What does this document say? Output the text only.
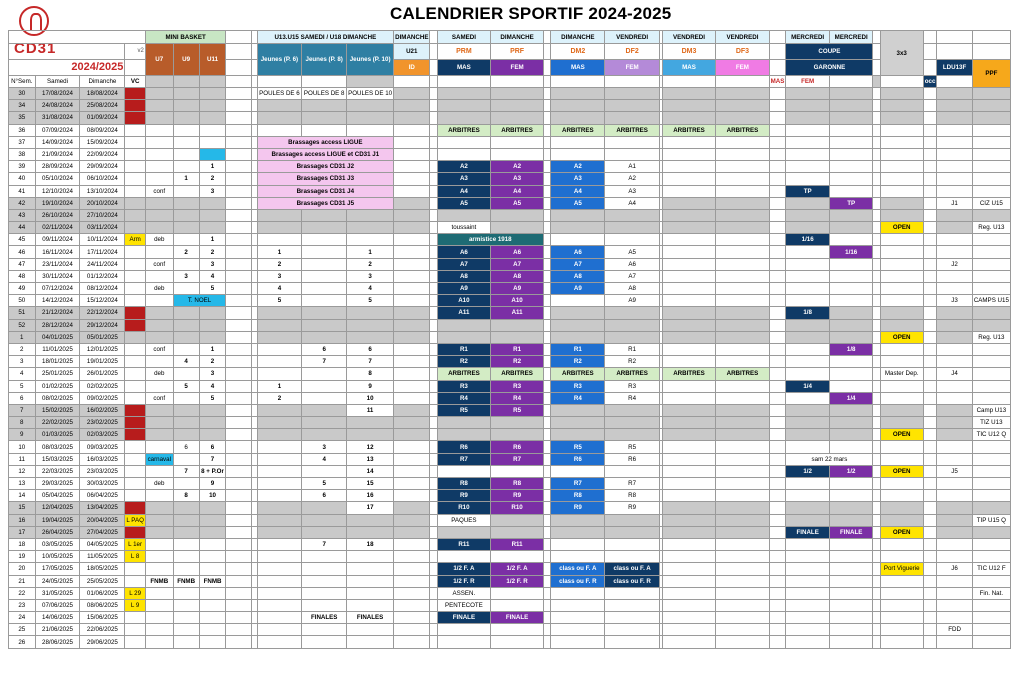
CD31
CALENDRIER SPORTIF 2024-2025
				MINI BASKET					U13.U15 SAMEDI / U18 DIMANCHE			DIMANCHE		SAMEDI	DIMANCHE		DIMANCHE	VENDREDI		VENDREDI	VENDREDI		MERCREDI	MERCREDI		3x3			
			v2	U7	U9	U11			Jeunes (P. 6)	Jeunes (P. 8)	Jeunes (P. 10)	U21		PRM	PRF		DM2	DF2		DM3	DF3		COUPE						
2024/2025												ID		MAS	FEM		MAS	FEM		MAS	FEM		GARONNE					LDU13F	PPF
N°Sem.	Samedi	Dimanche	VC																			MAS	FEM				occ		
30	17/08/2024	18/08/2024							POULES DE 6	POULES DE 8	POULES DE 10																		
34	24/08/2024	25/08/2024																											
35	31/08/2024	01/09/2024																											
36	07/09/2024	08/09/2024												ARBITRES	ARBITRES		ARBITRES	ARBITRES		ARBITRES	ARBITRES								
37	14/09/2024	15/09/2024							Brassages access LIGUE																				
38	21/09/2024	22/09/2024							Brassages access LIGUE et CD31 J1																				
39	28/09/2024	29/09/2024				1			Brassages CD31 J2					A2	A2		A2	A1											
40	05/10/2024	06/10/2024			1	2			Brassages CD31 J3					A3	A3		A3	A2											
41	12/10/2024	13/10/2024		conf		3			Brassages CD31 J4					A4	A4		A4	A3					TP						
42	19/10/2024	20/10/2024							Brassages CD31 J5					A5	A5		A5	A4						TP				J1	CIZ U15
43	26/10/2024	27/10/2024																											
44	02/11/2024	03/11/2024												toussaint												OPEN			Reg. U13
45	09/11/2024	10/11/2024	Arm	deb		1								armistice 1918									1/16						
46	16/11/2024	17/11/2024			2	2			1		1			A6	A6		A6	A5						1/16					
47	23/11/2024	24/11/2024		conf		3			2		2			A7	A7		A7	A6										J2	
48	30/11/2024	01/12/2024			3	4			3		3			A8	A8		A8	A7											
49	07/12/2024	08/12/2024		deb		5			4		4			A9	A9		A9	A8											
50	14/12/2024	15/12/2024			T. NOEL				5		5			A10	A10			A9										J3	CAMPS U15
51	21/12/2024	22/12/2024												A11	A11								1/8						
52	28/12/2024	29/12/2024																											
1	04/01/2025	05/01/2025																								OPEN			Reg. U13
2	11/01/2025	12/01/2025		conf		1				6	6			R1	R1		R1	R1						1/8					
3	18/01/2025	19/01/2025			4	2				7	7			R2	R2		R2	R2											
4	25/01/2025	26/01/2025		deb		3					8			ARBITRES	ARBITRES		ARBITRES	ARBITRES		ARBITRES	ARBITRES					Master Dep.		J4	
5	01/02/2025	02/02/2025			5	4			1		9			R3	R3		R3	R3					1/4						
6	08/02/2025	09/02/2025		conf		5			2		10			R4	R4		R4	R4						1/4					
7	15/02/2025	16/02/2025									11			R5	R5														Camp U13
8	22/02/2025	23/02/2025																											TIZ U13
9	01/03/2025	02/03/2025																								OPEN			TIC U12 Q
10	08/03/2025	09/03/2025			6	6				3	12			R6	R6		R5	R5											
11	15/03/2025	16/03/2025		carnaval		7				4	13			R7	R7		R6	R6					sam 22 mars						
12	22/03/2025	23/03/2025			7	8 + P.Or					14												1/2	1/2		OPEN		J5	
13	29/03/2025	30/03/2025		deb		9				5	15			R8	R8		R7	R7											
14	05/04/2025	06/04/2025			8	10				6	16			R9	R9		R8	R8											
15	12/04/2025	13/04/2025									17			R10	R10		R9	R9											
16	19/04/2025	20/04/2025	L PAQ											PAQUES															TIP U15 Q
17	26/04/2025	27/04/2025																					FINALE	FINALE		OPEN			
18	03/05/2025	04/05/2025	L 1er							7	18			R11	R11														
19	10/05/2025	11/05/2025	L 8																										
20	17/05/2025	18/05/2025												1/2 F. A	1/2 F. A		class ou F. A	class ou F. A								Port Viguerie		J6	TIC U12 F
21	24/05/2025	25/05/2025		FNMB	FNMB	FNMB								1/2 F. R	1/2 F. R		class ou F. R	class ou F. R											
22	31/05/2025	01/06/2025	L 29											ASSEN.															Fin. Nat.
23	07/06/2025	08/06/2025	L 9											PENTECOTE															
24	14/06/2025	15/06/2025								FINALES	FINALES			FINALE	FINALE														
25	21/06/2025	22/06/2025																										FDD	
26	28/06/2025	29/06/2025																											
